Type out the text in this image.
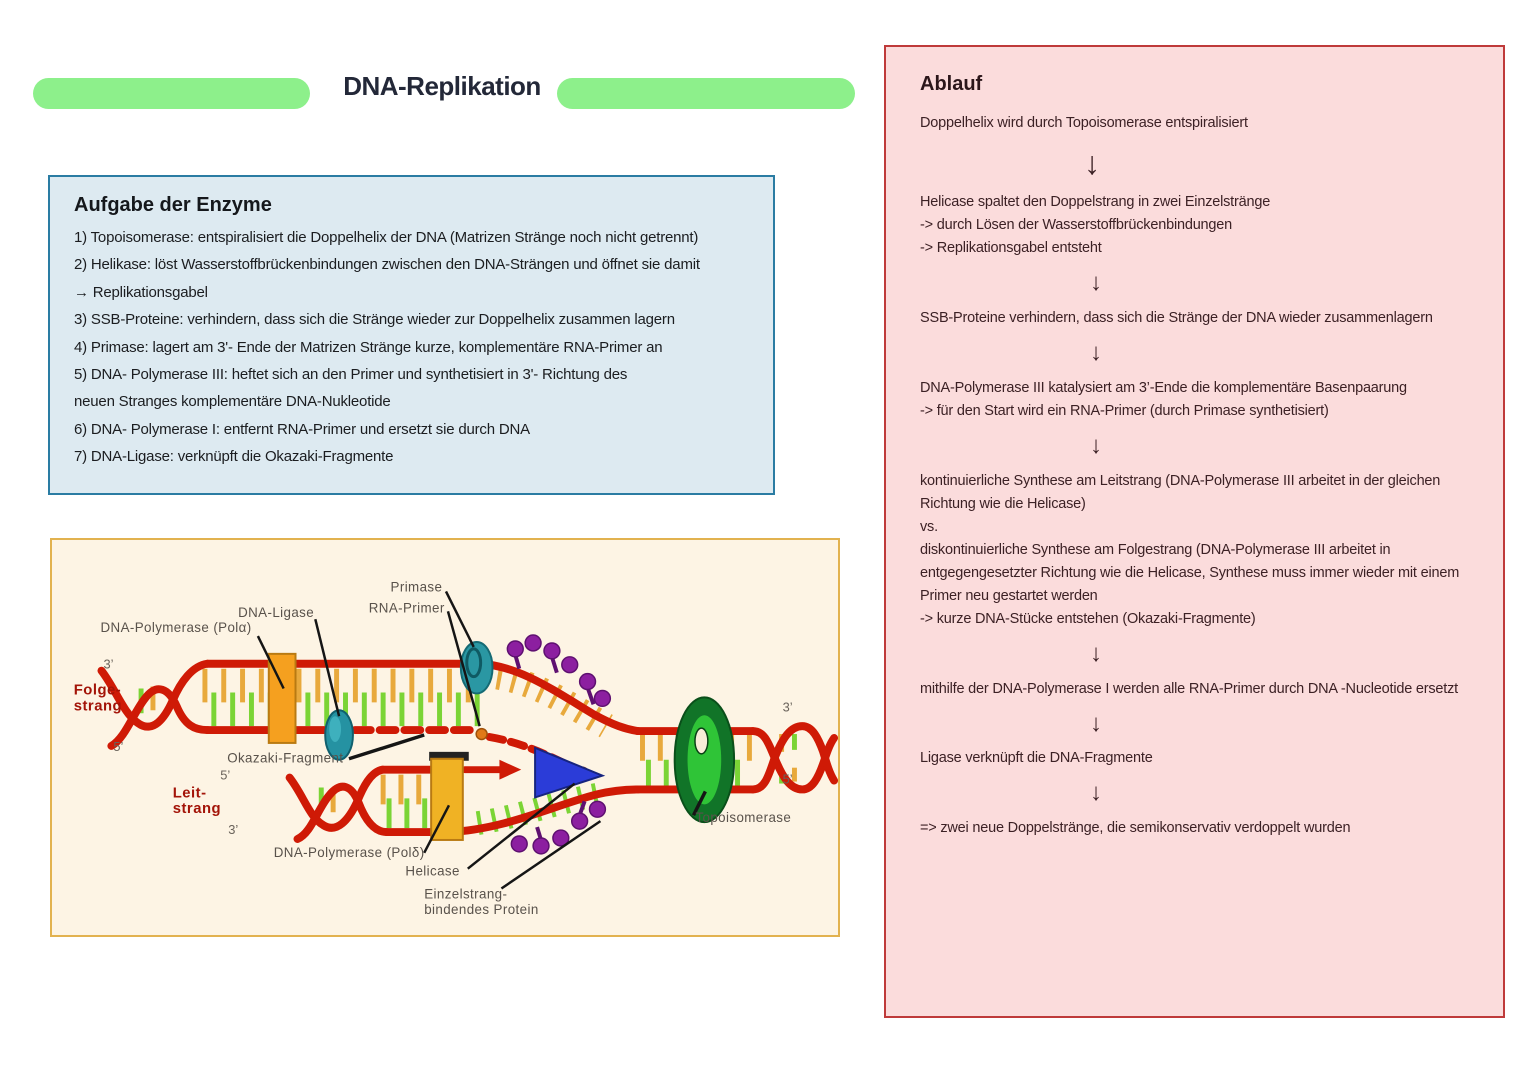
DNA-Replikation
Aufgabe der Enzyme
1) Topoisomerase: entspiralisiert die Doppelhelix der DNA (Matrizen Stränge noch nicht getrennt)
2) Helikase: löst Wasserstoffbrückenbindungen zwischen den DNA-Strängen und öffnet sie damit
→ Replikationsgabel
3) SSB-Proteine: verhindern, dass sich die Stränge wieder zur Doppelhelix zusammen lagern
4) Primase: lagert am 3'- Ende der Matrizen Stränge kurze, komplementäre RNA-Primer an
5) DNA- Polymerase III: heftet sich an den Primer und synthetisiert in 3'- Richtung des
neuen Stranges komplementäre DNA-Nukleotide
6) DNA- Polymerase I: entfernt RNA-Primer und ersetzt sie durch DNA
7) DNA-Ligase: verknüpft die Okazaki-Fragmente
Primase
RNA-Primer
DNA-Ligase
DNA-Polymerase (Polα)
3’
Folge-
strang
5’
Okazaki-Fragment
5’
Leit-
strang
3’
DNA-Polymerase (Polδ)
Helicase
Einzelstrang-
bindendes Protein
Topoisomerase
3’
5’
Ablauf
Doppelhelix wird durch Topoisomerase entspiralisiert
↓
Helicase spaltet den Doppelstrang in zwei Einzelstränge
-> durch Lösen der Wasserstoffbrückenbindungen
-> Replikationsgabel entsteht
↓
SSB-Proteine verhindern, dass sich die Stränge der DNA wieder zusammenlagern
↓
DNA-Polymerase III katalysiert am 3’-Ende die komplementäre Basenpaarung
-> für den Start wird ein RNA-Primer (durch Primase synthetisiert)
↓
kontinuierliche Synthese am Leitstrang (DNA-Polymerase III arbeitet in der gleichen Richtung wie die Helicase)
vs.
diskontinuierliche Synthese am Folgestrang (DNA-Polymerase III arbeitet in entgegengesetzter Richtung wie die Helicase, Synthese muss immer wieder mit einem Primer neu gestartet werden
-> kurze DNA-Stücke entstehen (Okazaki-Fragmente)
↓
mithilfe der DNA-Polymerase I werden alle RNA-Primer durch DNA -Nucleotide ersetzt
↓
Ligase verknüpft die DNA-Fragmente
↓
=> zwei neue Doppelstränge, die semikonservativ verdoppelt wurden
